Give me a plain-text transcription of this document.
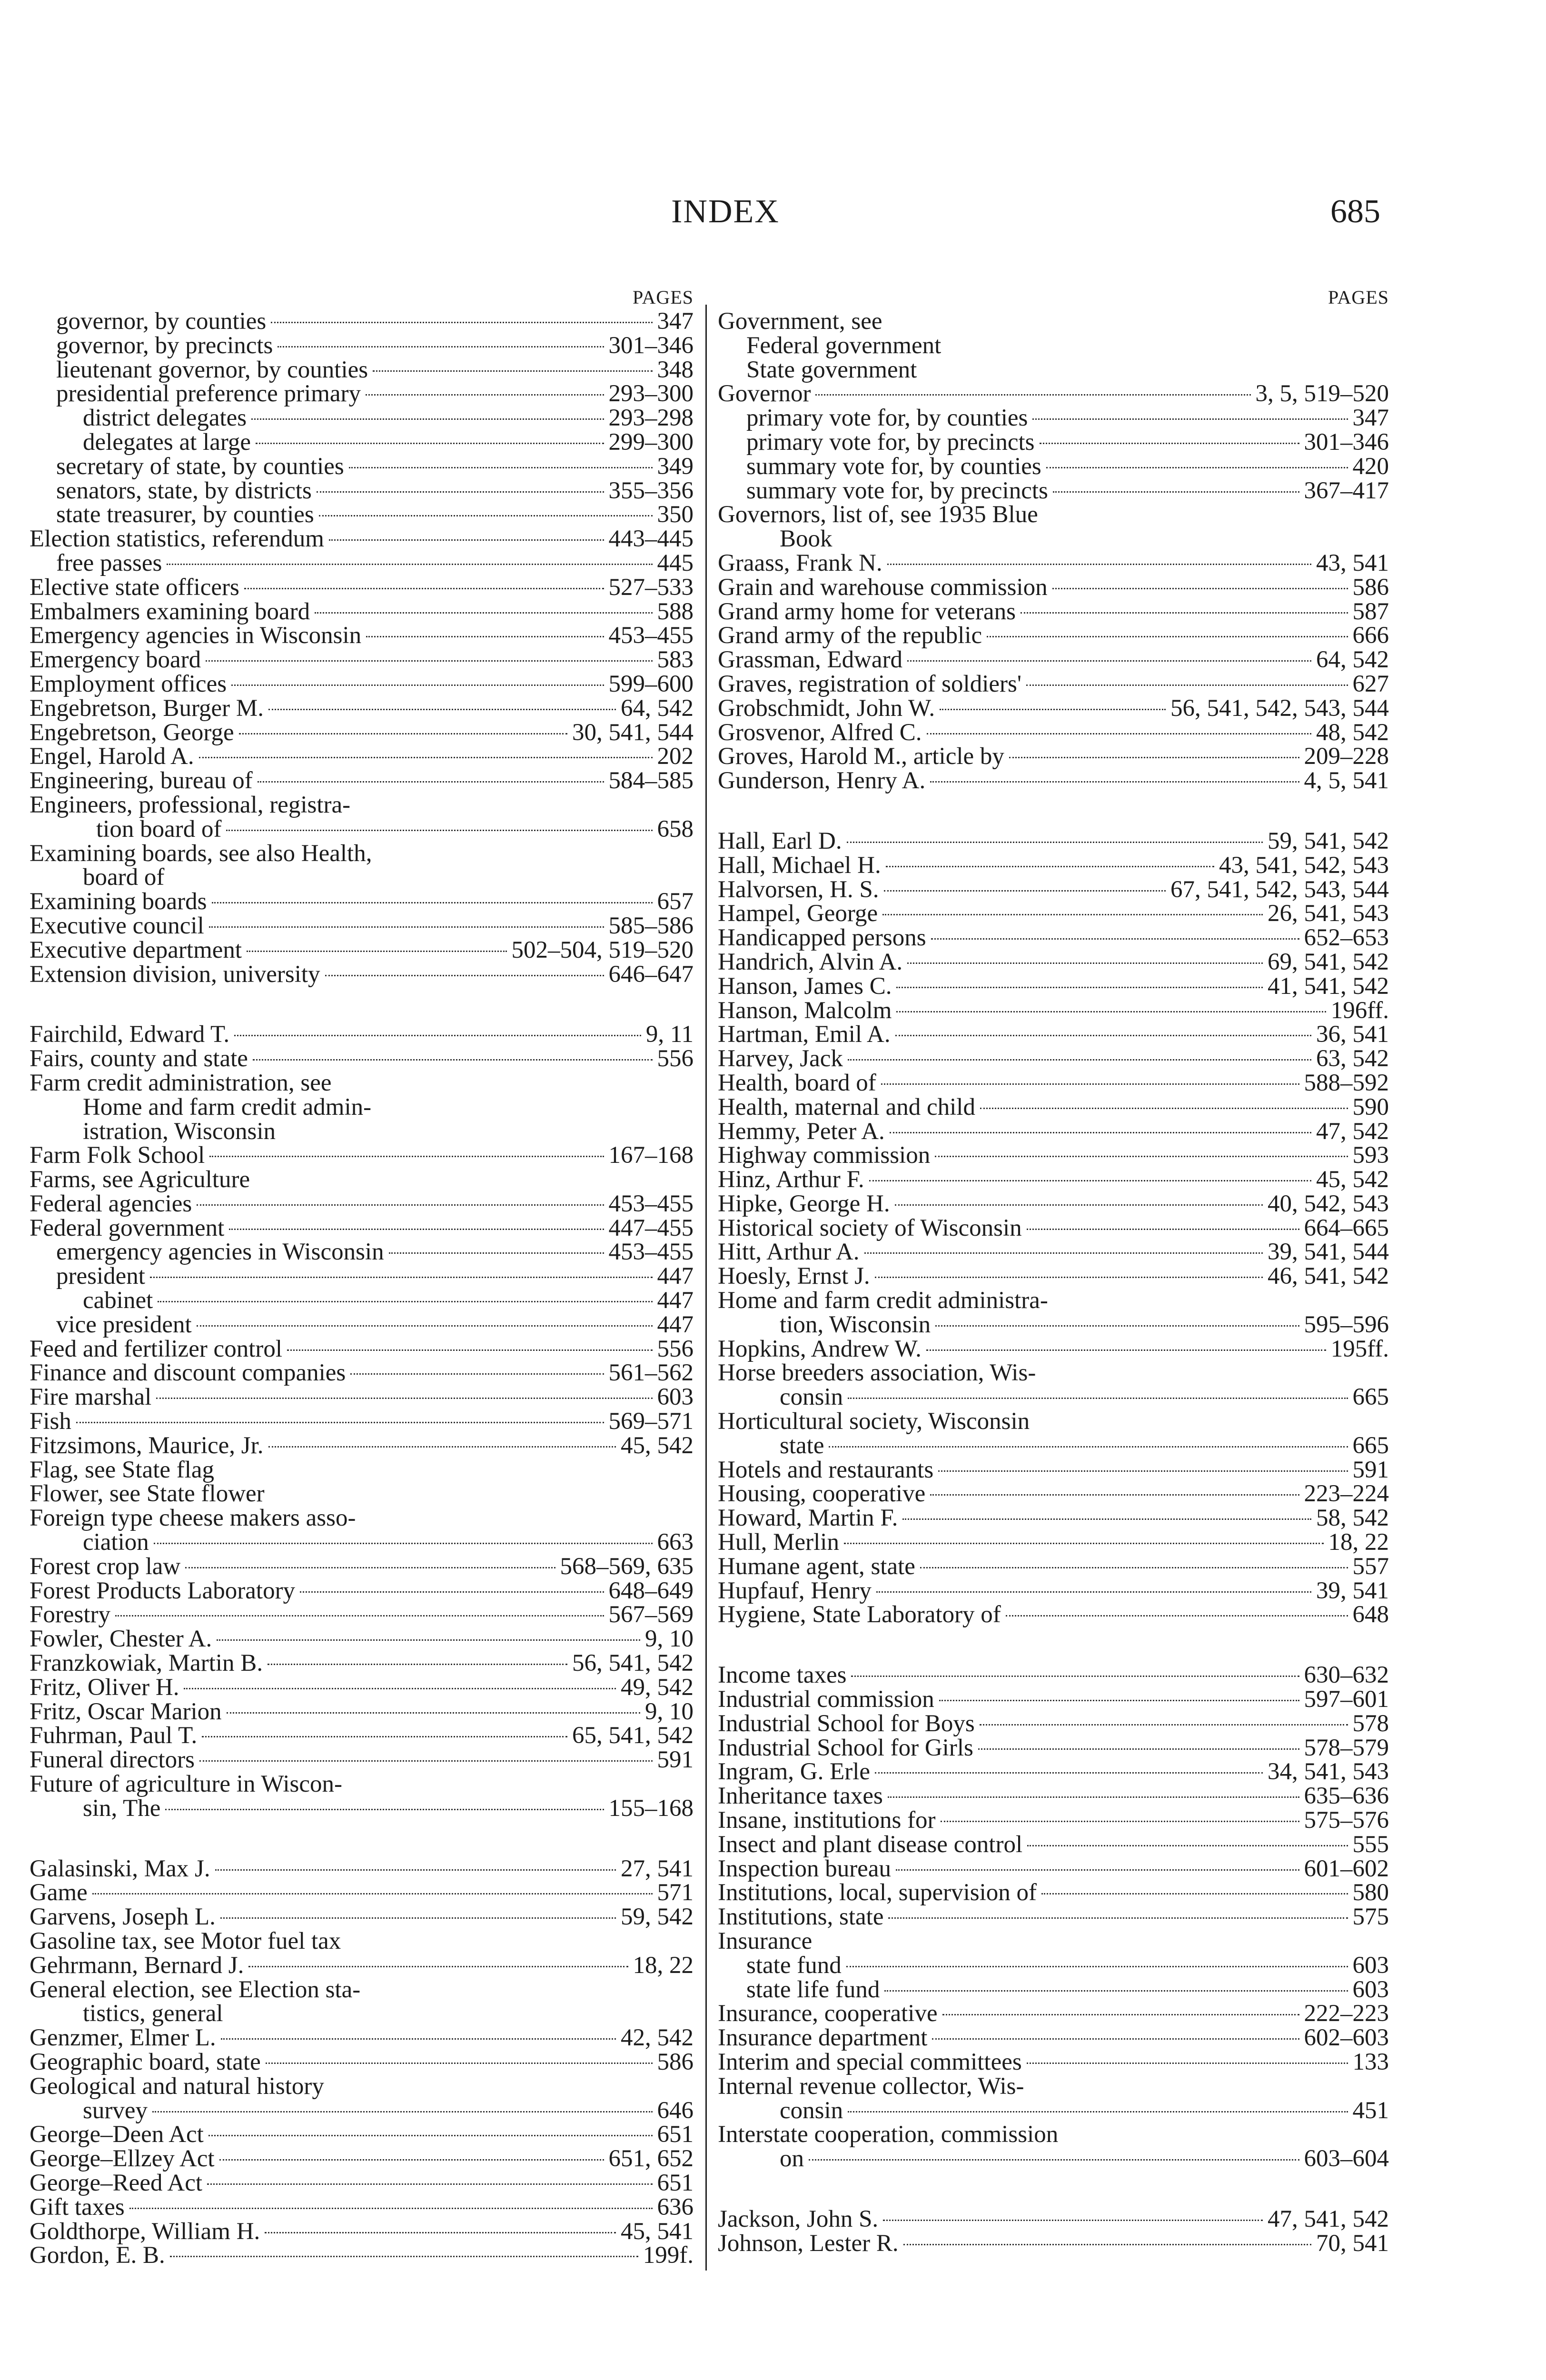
INDEX	685
PAGES
governor, by counties	347
governor, by precincts	301–346
lieutenant governor, by counties	348
presidential preference primary	293–300
district delegates	293–298
delegates at large	299–300
secretary of state, by counties	349
senators, state, by districts	355–356
state treasurer, by counties	350
Election statistics, referendum	443–445
free passes	445
Elective state officers	527–533
Embalmers examining board	588
Emergency agencies in Wisconsin	453–455
Emergency board	583
Employment offices	599–600
Engebretson, Burger M.	64, 542
Engebretson, George	30, 541, 544
Engel, Harold A.	202
Engineering, bureau of	584–585
Engineers, professional, registra-
tion board of	658
Examining boards, see also Health,
board of
Examining boards	657
Executive council	585–586
Executive department	502–504, 519–520
Extension division, university	646–647
Fairchild, Edward T.	9, 11
Fairs, county and state	556
Farm credit administration, see
Home and farm credit admin-
istration, Wisconsin
Farm Folk School	167–168
Farms, see Agriculture
Federal agencies	453–455
Federal government	447–455
emergency agencies in Wisconsin	453–455
president	447
cabinet	447
vice president	447
Feed and fertilizer control	556
Finance and discount companies	561–562
Fire marshal	603
Fish	569–571
Fitzsimons, Maurice, Jr.	45, 542
Flag, see State flag
Flower, see State flower
Foreign type cheese makers asso-
ciation	663
Forest crop law	568–569, 635
Forest Products Laboratory	648–649
Forestry	567–569
Fowler, Chester A.	9, 10
Franzkowiak, Martin B.	56, 541, 542
Fritz, Oliver H.	49, 542
Fritz, Oscar Marion	9, 10
Fuhrman, Paul T.	65, 541, 542
Funeral directors	591
Future of agriculture in Wiscon-
sin, The	155–168
Galasinski, Max J.	27, 541
Game	571
Garvens, Joseph L.	59, 542
Gasoline tax, see Motor fuel tax
Gehrmann, Bernard J.	18, 22
General election, see Election sta-
tistics, general
Genzmer, Elmer L.	42, 542
Geographic board, state	586
Geological and natural history
survey	646
George–Deen Act	651
George–Ellzey Act	651, 652
George–Reed Act	651
Gift taxes	636
Goldthorpe, William H.	45, 541
Gordon, E. B.	199f.
PAGES
Government, see
Federal government
State government
Governor	3, 5, 519–520
primary vote for, by counties	347
primary vote for, by precincts	301–346
summary vote for, by counties	420
summary vote for, by precincts	367–417
Governors, list of, see 1935 Blue
Book
Graass, Frank N.	43, 541
Grain and warehouse commission	586
Grand army home for veterans	587
Grand army of the republic	666
Grassman, Edward	64, 542
Graves, registration of soldiers'	627
Grobschmidt, John W.	56, 541, 542, 543, 544
Grosvenor, Alfred C.	48, 542
Groves, Harold M., article by	209–228
Gunderson, Henry A.	4, 5, 541
Hall, Earl D.	59, 541, 542
Hall, Michael H.	43, 541, 542, 543
Halvorsen, H. S.	67, 541, 542, 543, 544
Hampel, George	26, 541, 543
Handicapped persons	652–653
Handrich, Alvin A.	69, 541, 542
Hanson, James C.	41, 541, 542
Hanson, Malcolm	196ff.
Hartman, Emil A.	36, 541
Harvey, Jack	63, 542
Health, board of	588–592
Health, maternal and child	590
Hemmy, Peter A.	47, 542
Highway commission	593
Hinz, Arthur F.	45, 542
Hipke, George H.	40, 542, 543
Historical society of Wisconsin	664–665
Hitt, Arthur A.	39, 541, 544
Hoesly, Ernst J.	46, 541, 542
Home and farm credit administra-
tion, Wisconsin	595–596
Hopkins, Andrew W.	195ff.
Horse breeders association, Wis-
consin	665
Horticultural society, Wisconsin
state	665
Hotels and restaurants	591
Housing, cooperative	223–224
Howard, Martin F.	58, 542
Hull, Merlin	18, 22
Humane agent, state	557
Hupfauf, Henry	39, 541
Hygiene, State Laboratory of	648
Income taxes	630–632
Industrial commission	597–601
Industrial School for Boys	578
Industrial School for Girls	578–579
Ingram, G. Erle	34, 541, 543
Inheritance taxes	635–636
Insane, institutions for	575–576
Insect and plant disease control	555
Inspection bureau	601–602
Institutions, local, supervision of	580
Institutions, state	575
Insurance
state fund	603
state life fund	603
Insurance, cooperative	222–223
Insurance department	602–603
Interim and special committees	133
Internal revenue collector, Wis-
consin	451
Interstate cooperation, commission
on	603–604
Jackson, John S.	47, 541, 542
Johnson, Lester R.	70, 541
